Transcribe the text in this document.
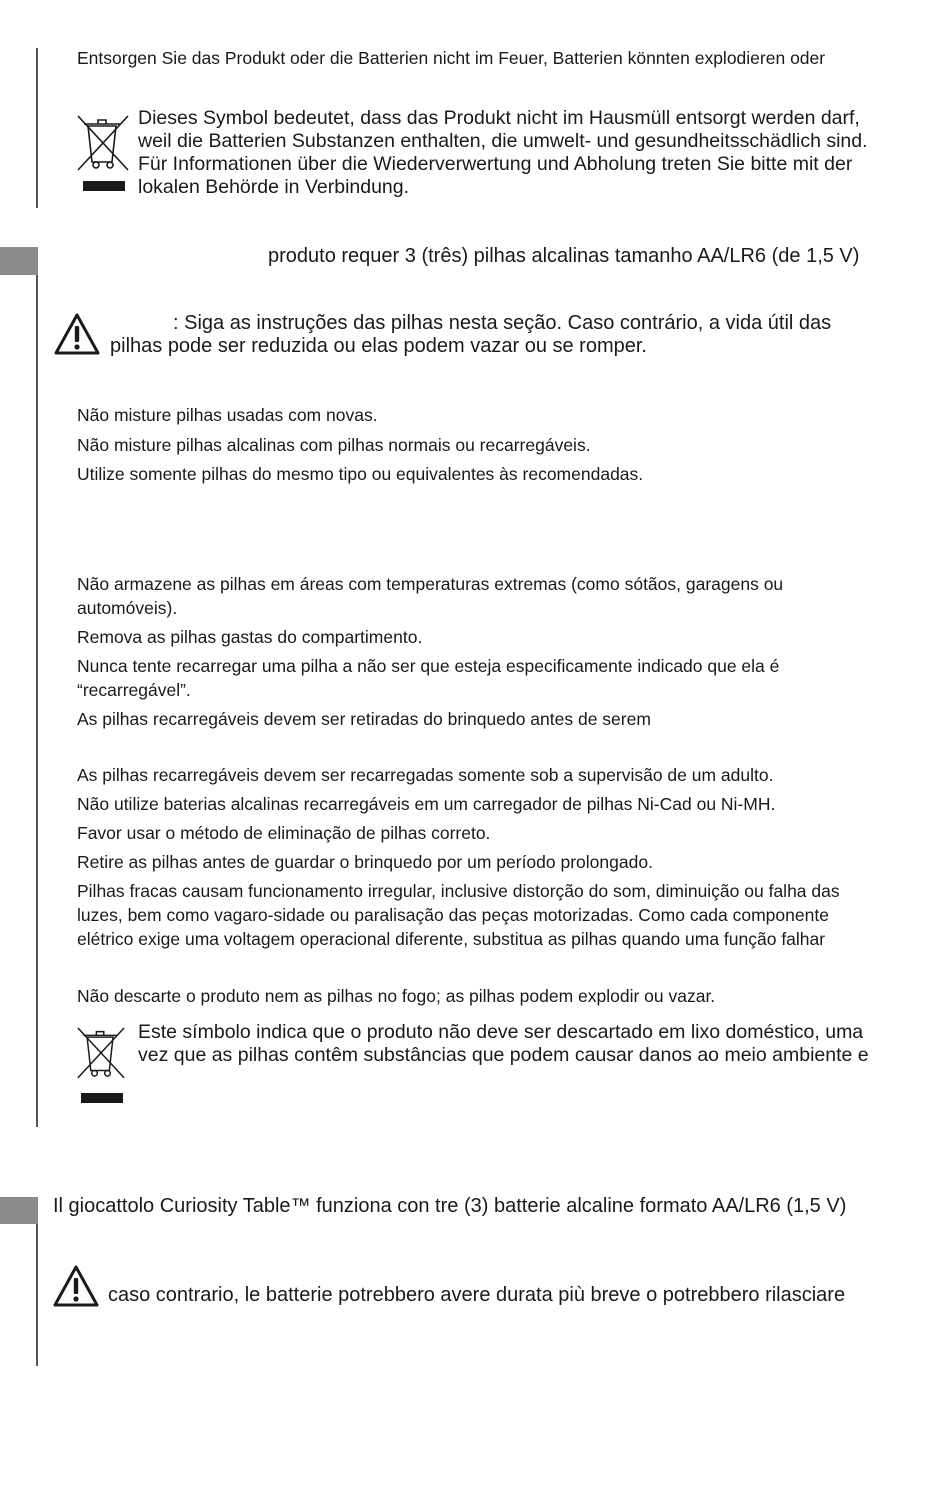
Entsorgen Sie das Produkt oder die Batterien nicht im Feuer, Batterien könnten explodieren oder
Dieses Symbol bedeutet, dass das Produkt nicht im Hausmüll entsorgt werden darf,
weil die Batterien Substanzen enthalten, die umwelt- und gesundheitsschädlich sind.
Für Informationen über die Wiederverwertung und Abholung treten Sie bitte mit der
lokalen Behörde in Verbindung.
produto requer 3 (três) pilhas alcalinas tamanho AA/LR6 (de 1,5 V)
: Siga as instruções das pilhas nesta seção. Caso contrário, a vida útil das
pilhas pode ser reduzida ou elas podem vazar ou se romper.
Não misture pilhas usadas com novas.
Não misture pilhas alcalinas com pilhas normais ou recarregáveis.
Utilize somente pilhas do mesmo tipo ou equivalentes às recomendadas.
Não armazene as pilhas em áreas com temperaturas extremas (como sótãos, garagens ou
automóveis).
Remova as pilhas gastas do compartimento.
Nunca tente recarregar uma pilha a não ser que esteja especificamente indicado que ela é
“recarregável”.
As pilhas recarregáveis devem ser retiradas do brinquedo antes de serem
As pilhas recarregáveis devem ser recarregadas somente sob a supervisão de um adulto.
Não utilize baterias alcalinas recarregáveis em um carregador de pilhas Ni-Cad ou Ni-MH.
Favor usar o método de eliminação de pilhas correto.
Retire as pilhas antes de guardar o brinquedo por um período prolongado.
Pilhas fracas causam funcionamento irregular, inclusive distorção do som, diminuição ou falha das
luzes, bem como vagaro-sidade ou paralisação das peças motorizadas. Como cada componente
elétrico exige uma voltagem operacional diferente, substitua as pilhas quando uma função falhar
Não descarte o produto nem as pilhas no fogo; as pilhas podem explodir ou vazar.
Este símbolo indica que o produto não deve ser descartado em lixo doméstico, uma
vez que as pilhas contêm substâncias que podem causar danos ao meio ambiente e
Il giocattolo Curiosity Table™ funziona con tre (3) batterie alcaline formato AA/LR6 (1,5 V)
caso contrario, le batterie potrebbero avere durata più breve o potrebbero rilasciare
